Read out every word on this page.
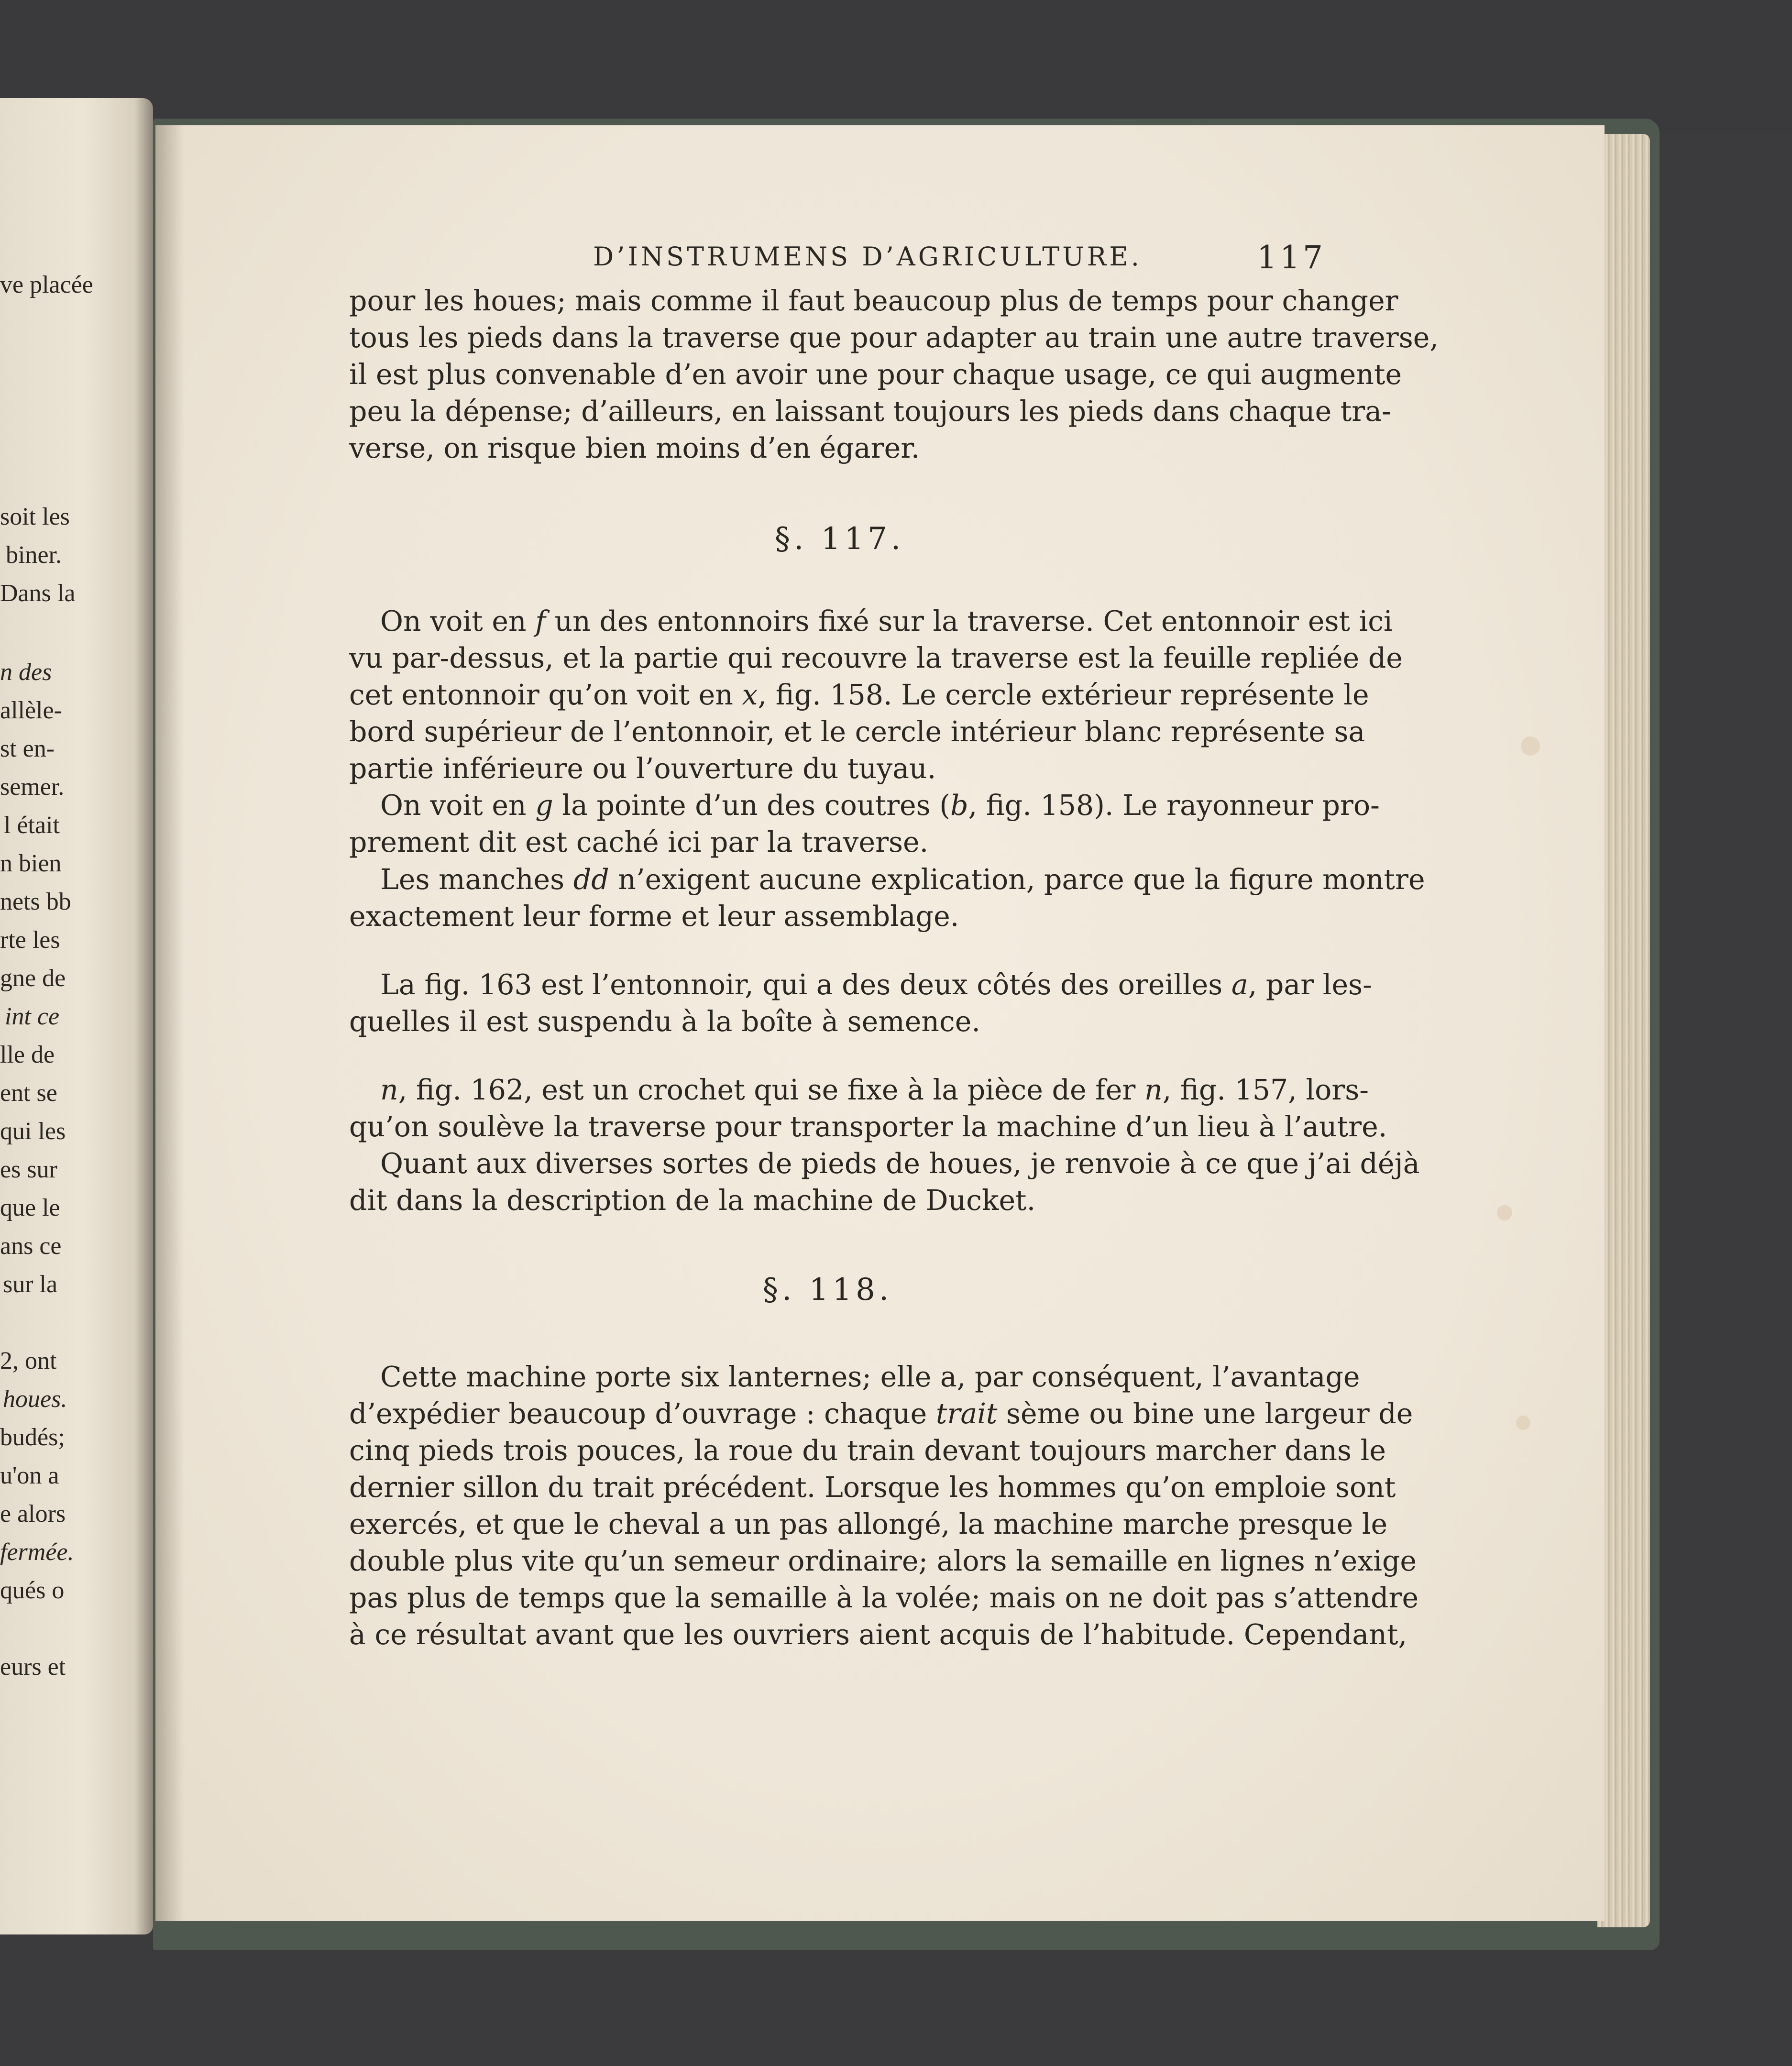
ve placée
soit les
biner.
Dans la
n des
allèle-
st en-
semer.
l était
n bien
nets bb
rte les
gne de
int ce
lle de
ent se
qui les
es sur
que le
ans ce
sur la
2, ont
houes.
budés;
u'on a
e alors
fermée.
qués o
eurs et
D’INSTRUMENS D’AGRICULTURE.	117
pour les houes; mais comme il faut beaucoup plus de temps pour changer
tous les pieds dans la traverse que pour adapter au train une autre traverse,
il est plus convenable d’en avoir une pour chaque usage, ce qui augmente
peu la dépense; d’ailleurs, en laissant toujours les pieds dans chaque tra-
verse, on risque bien moins d’en égarer.
§. 117.
On voit en f un des entonnoirs fixé sur la traverse. Cet entonnoir est ici
vu par-dessus, et la partie qui recouvre la traverse est la feuille repliée de
cet entonnoir qu’on voit en x, fig. 158. Le cercle extérieur représente le
bord supérieur de l’entonnoir, et le cercle intérieur blanc représente sa
partie inférieure ou l’ouverture du tuyau.
On voit en g la pointe d’un des coutres (b, fig. 158). Le rayonneur pro-
prement dit est caché ici par la traverse.
Les manches dd n’exigent aucune explication, parce que la figure montre
exactement leur forme et leur assemblage.
La fig. 163 est l’entonnoir, qui a des deux côtés des oreilles a, par les-
quelles il est suspendu à la boîte à semence.
n, fig. 162, est un crochet qui se fixe à la pièce de fer n, fig. 157, lors-
qu’on soulève la traverse pour transporter la machine d’un lieu à l’autre.
Quant aux diverses sortes de pieds de houes, je renvoie à ce que j’ai déjà
dit dans la description de la machine de Ducket.
§. 118.
Cette machine porte six lanternes; elle a, par conséquent, l’avantage
d’expédier beaucoup d’ouvrage : chaque trait sème ou bine une largeur de
cinq pieds trois pouces, la roue du train devant toujours marcher dans le
dernier sillon du trait précédent. Lorsque les hommes qu’on emploie sont
exercés, et que le cheval a un pas allongé, la machine marche presque le
double plus vite qu’un semeur ordinaire; alors la semaille en lignes n’exige
pas plus de temps que la semaille à la volée; mais on ne doit pas s’attendre
à ce résultat avant que les ouvriers aient acquis de l’habitude. Cependant,
